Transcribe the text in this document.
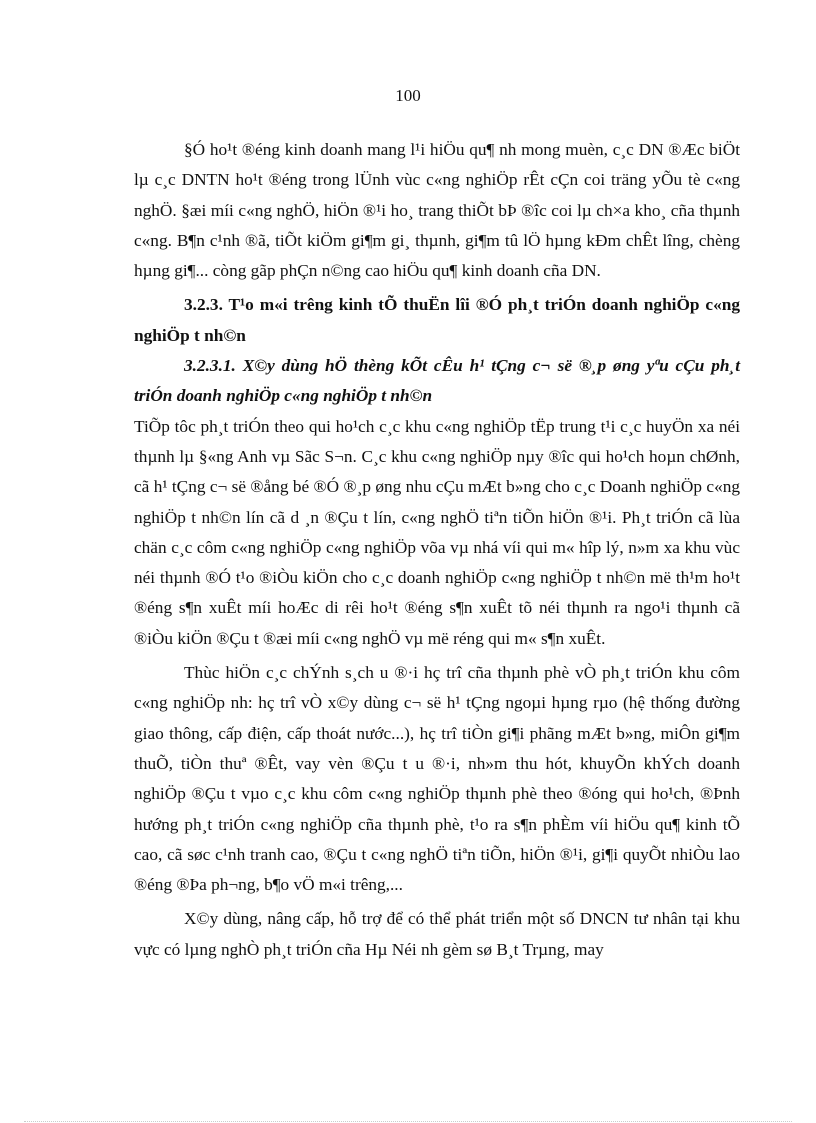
100

§Ó ho¹t ®éng kinh doanh mang l¹i hiÖu qu¶ nh mong muèn, c¸c DN ®Æc biÖt lµ c¸c DNTN ho¹t ®éng trong lÜnh vùc c«ng nghiÖp rÊt cÇn coi träng yÕu tè c«ng nghÖ. §æi míi c«ng nghÖ, hiÖn ®¹i ho¸ trang thiÕt bÞ ®îc coi lµ ch×a kho¸ cña thµnh c«ng. B¶n c¹nh ®ã, tiÕt kiÖm gi¶m gi¸ thµnh, gi¶m tû lÖ hµng kÐm chÊt lîng, chèng hµng gi¶... còng gãp phÇn n©ng cao hiÖu qu¶ kinh doanh cña DN.

3.2.3. T¹o m«i trêng kinh tÕ thuËn lîi ®Ó ph¸t triÓn doanh nghiÖp c«ng nghiÖp t nh©n

3.2.3.1. X©y dùng hÖ thèng kÕt cÊu h¹ tÇng c¬ së ®¸p øng yªu cÇu ph¸t triÓn doanh nghiÖp c«ng nghiÖp t nh©n

TiÕp tôc ph¸t triÓn theo qui ho¹ch c¸c khu c«ng nghiÖp tËp trung t¹i c¸c huyÖn xa néi thµnh lµ §«ng Anh vµ Sãc S¬n. C¸c khu c«ng nghiÖp nµy ®îc qui ho¹ch hoµn chØnh, cã h¹ tÇng c¬ së ®ång bé ®Ó ®¸p øng nhu cÇu mÆt b»ng cho c¸c Doanh nghiÖp c«ng nghiÖp t nh©n lín cã d ¸n ®Çu t lín, c«ng nghÖ tiªn tiÕn hiÖn ®¹i. Ph¸t triÓn cã lùa chän c¸c côm c«ng nghiÖp c«ng nghiÖp võa vµ nhá víi qui m« hîp lý, n»m xa khu vùc néi thµnh ®Ó t¹o ®iÒu kiÖn cho c¸c doanh nghiÖp c«ng nghiÖp t nh©n më th¹m ho¹t ®éng s¶n xuÊt míi hoÆc di rêi ho¹t ®éng s¶n xuÊt tõ néi thµnh ra ngo¹i thµnh cã ®iÒu kiÖn ®Çu t ®æi míi c«ng nghÖ vµ më réng qui m« s¶n xuÊt.

Thùc hiÖn c¸c chÝnh s¸ch u ®·i hç trî cña thµnh phè vÒ ph¸t triÓn khu côm c«ng nghiÖp nh: hç trî vÒ x©y dùng c¬ së h¹ tÇng ngoµi hµng rµo (hệ thống đường giao thông, cấp điện, cấp thoát nước...), hç trî tiÒn gi¶i phãng mÆt b»ng, miÔn gi¶m thuÕ, tiÒn thuª ®Êt, vay vèn ®Çu t u ®·i, nh»m thu hót, khuyÕn khÝch doanh nghiÖp ®Çu t vµo c¸c khu côm c«ng nghiÖp thµnh phè theo ®óng qui ho¹ch, ®Þnh hướng ph¸t triÓn c«ng nghiÖp cña thµnh phè, t¹o ra s¶n phÈm víi hiÖu qu¶ kinh tÕ cao, cã søc c¹nh tranh cao, ®Çu t c«ng nghÖ tiªn tiÕn, hiÖn ®¹i, gi¶i quyÕt nhiÒu lao ®éng ®Þa ph¬ng, b¶o vÖ m«i trêng,...

X©y dùng, nâng cấp, hỗ trợ để có thể phát triển một số DNCN tư nhân tại khu vực có lµng nghÒ ph¸t triÓn cña Hµ Néi nh gèm sø B¸t Trµng, may
